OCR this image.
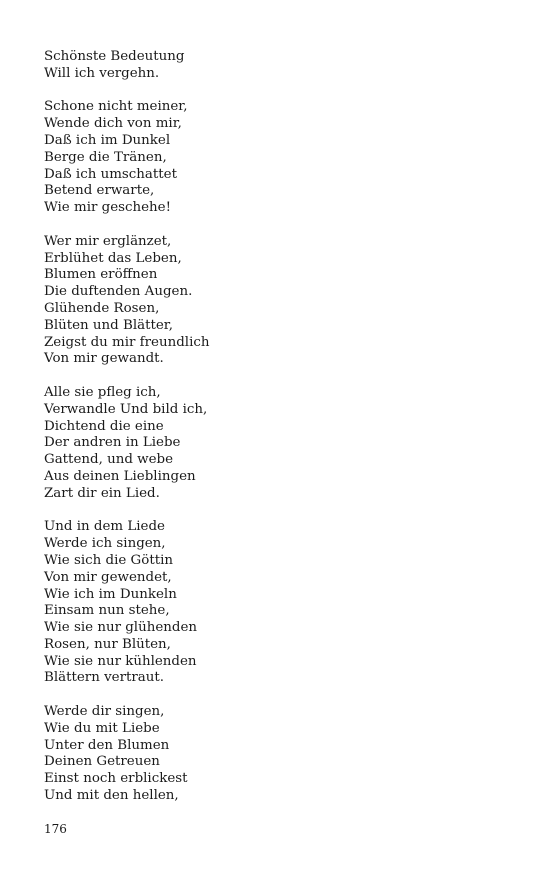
Schönste Bedeutung
Will ich vergehn.
Schone nicht meiner,
Wende dich von mir,
Daß ich im Dunkel
Berge die Tränen,
Daß ich umschattet
Betend erwarte,
Wie mir geschehe!
Wer mir erglänzet,
Erblühet das Leben,
Blumen eröffnen
Die duftenden Augen.
Glühende Rosen,
Blüten und Blätter,
Zeigst du mir freundlich
Von mir gewandt.
Alle sie pfleg ich,
Verwandle Und bild ich,
Dichtend die eine
Der andren in Liebe
Gattend, und webe
Aus deinen Lieblingen
Zart dir ein Lied.
Und in dem Liede
Werde ich singen,
Wie sich die Göttin
Von mir gewendet,
Wie ich im Dunkeln
Einsam nun stehe,
Wie sie nur glühenden
Rosen, nur Blüten,
Wie sie nur kühlenden
Blättern vertraut.
Werde dir singen,
Wie du mit Liebe
Unter den Blumen
Deinen Getreuen
Einst noch erblickest
Und mit den hellen,
176
